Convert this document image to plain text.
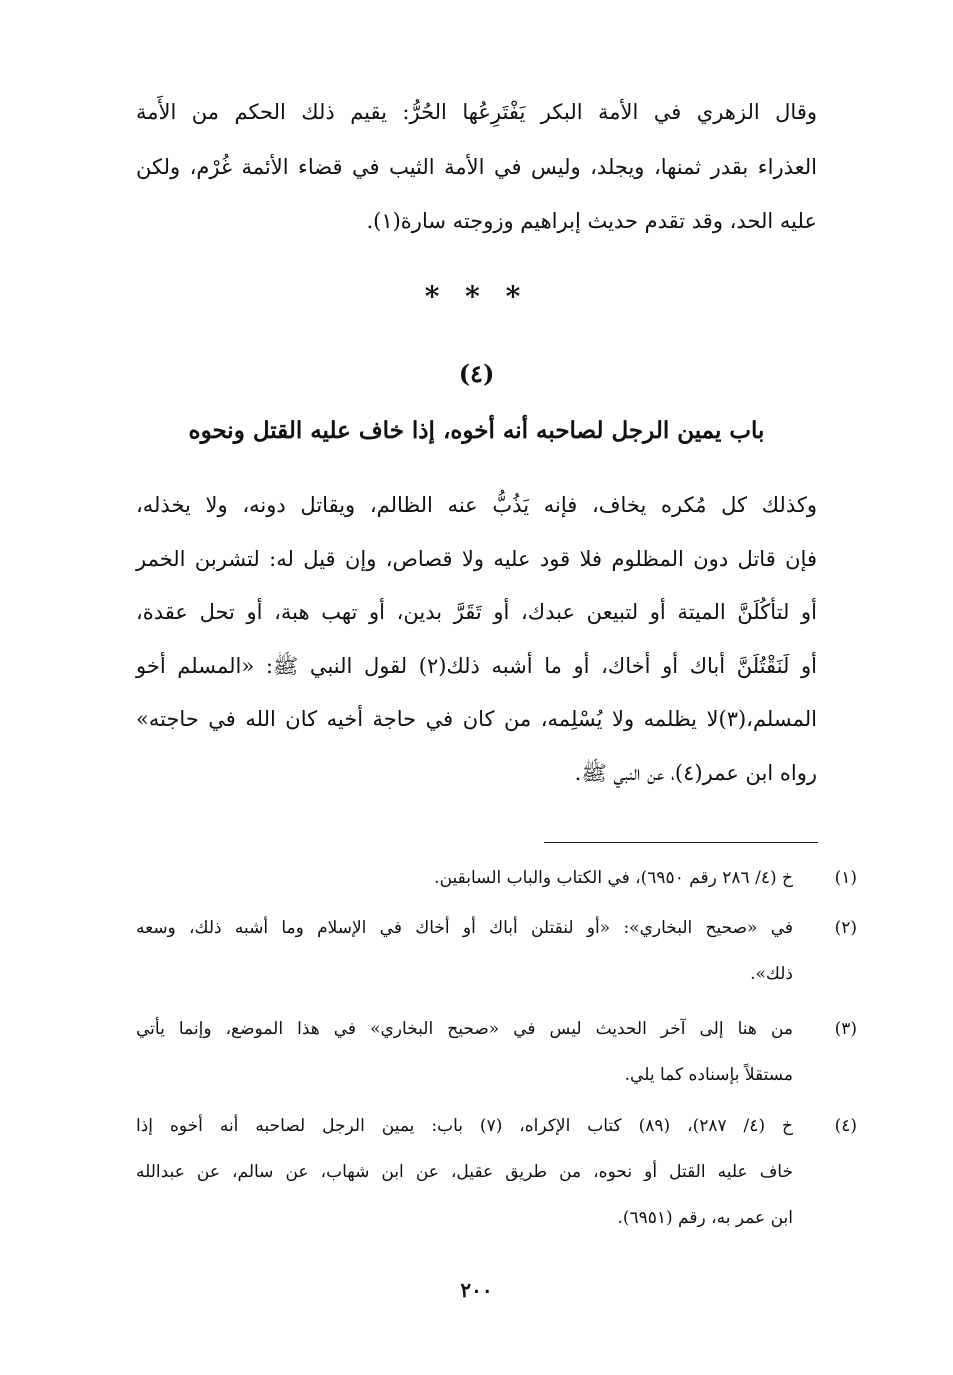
وقال الزهري في الأمة البكر يَفْتَرِعُها الحُرُّ: يقيم ذلك الحكم من الأَمة
العذراء بقدر ثمنها، ويجلد، وليس في الأمة الثيب في قضاء الأئمة غُرْم، ولكن
عليه الحد، وقد تقدم حديث إبراهيم وزوجته سارة(١).
* * *
(٤)
باب يمين الرجل لصاحبه أنه أخوه، إذا خاف عليه القتل ونحوه
وكذلك كل مُكره يخاف، فإنه يَذُبُّ عنه الظالم، ويقاتل دونه، ولا يخذله،
فإن قاتل دون المظلوم فلا قود عليه ولا قصاص، وإن قيل له: لتشربن الخمر
أو لتأكُلَنَّ الميتة أو لتبيعن عبدك، أو تَقَرَّ بدين، أو تهب هبة، أو تحل عقدة،
أو لَنَقْتُلَنَّ أباك أو أخاك، أو ما أشبه ذلك(٢) لقول النبي ﷺ: «المسلم أخو
المسلم،(٣)لا يظلمه ولا يُسْلِمه، من كان في حاجة أخيه كان الله في حاجته»
رواه ابن عمر(٤)، عن النبي ﷺ.
(١)
خ (٤/ ٢٨٦ رقم ٦٩٥٠)، في الكتاب والباب السابقين.
(٢)
في «صحيح البخاري»: «أو لنقتلن أباك أو أخاك في الإسلام وما أشبه ذلك، وسعه
ذلك».
(٣)
من هنا إلى آخر الحديث ليس في «صحيح البخاري» في هذا الموضع، وإنما يأتي
مستقلاً بإسناده كما يلي.
(٤)
خ (٤/ ٢٨٧)، (٨٩) كتاب الإكراه، (٧) باب: يمين الرجل لصاحبه أنه أخوه إذا
خاف عليه القتل أو نحوه، من طريق عقيل، عن ابن شهاب، عن سالم، عن عبدالله
ابن عمر به، رقم (٦٩٥١).
٢٠٠
